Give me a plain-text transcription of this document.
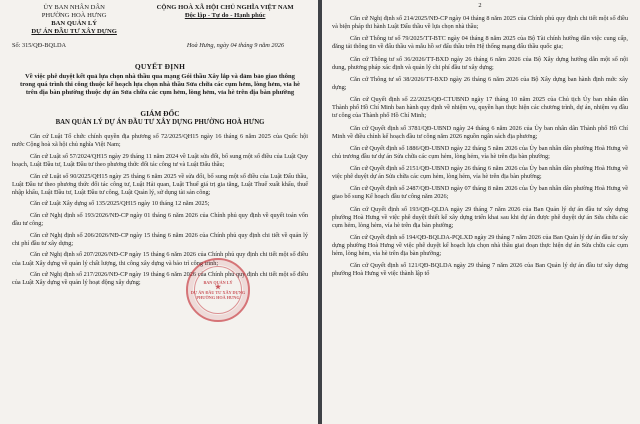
ỦY BAN NHÂN DÂN
PHƯỜNG HOÀ HƯNG
BAN QUẢN LÝ
DỰ ÁN ĐẦU TƯ XÂY DỰNG
CỘNG HOÀ XÃ HỘI CHỦ NGHĨA VIỆT NAM
Độc lập - Tự do - Hạnh phúc
Số: 315/QĐ-BQLDA	Hoà Hưng, ngày 04 tháng 9 năm 2026
QUYẾT ĐỊNH
Về việc phê duyệt kết quả lựa chọn nhà thầu qua mạng Gói thầu Xây lắp và đảm bảo giao thông trong quá trình thi công thuộc kế hoạch lựa chọn nhà thầu Sửa chữa các cụm hẻm, lòng hẻm, vỉa hè trên địa bàn phường thuộc dự án Sửa chữa các cụm hẻm, lòng hẻm, vỉa hè trên địa bàn phường
GIÁM ĐỐC
BAN QUẢN LÝ DỰ ÁN ĐẦU TƯ XÂY DỰNG PHƯỜNG HOÀ HƯNG

Căn cứ Luật Tổ chức chính quyền địa phương số 72/2025/QH15 ngày 16 tháng 6 năm 2025 của Quốc hội nước Cộng hoà xã hội chủ nghĩa Việt Nam;

Căn cứ Luật số 57/2024/QH15 ngày 29 tháng 11 năm 2024 về Luật sửa đổi, bổ sung một số điều của Luật Quy hoạch, Luật Đầu tư, Luật Đầu tư theo phương thức đối tác công tư và Luật Đấu thầu;

Căn cứ Luật số 90/2025/QH15 ngày 25 tháng 6 năm 2025 về sửa đổi, bổ sung một số điều của Luật Đấu thầu, Luật Đầu tư theo phương thức đối tác công tư, Luật Hải quan, Luật Thuế giá trị gia tăng, Luật Thuế xuất khẩu, thuế nhập khẩu, Luật Đầu tư, Luật Đầu tư công, Luật Quản lý, sử dụng tài sản công;

Căn cứ Luật Xây dựng số 135/2025/QH15 ngày 10 tháng 12 năm 2025;

Căn cứ Nghị định số 193/2026/NĐ-CP ngày 01 tháng 6 năm 2026 của Chính phủ quy định về quyết toán vốn đầu tư công;

Căn cứ Nghị định số 206/2026/NĐ-CP ngày 15 tháng 6 năm 2026 của Chính phủ quy định chi tiết về quản lý chi phí đầu tư xây dựng;

Căn cứ Nghị định số 207/2026/NĐ-CP ngày 15 tháng 6 năm 2026 của Chính phủ quy định chi tiết một số điều của Luật Xây dựng về quản lý chất lượng, thi công xây dựng và bảo trì công trình;

Căn cứ Nghị định số 217/2026/NĐ-CP ngày 19 tháng 6 năm 2026 của Chính phủ quy định chi tiết một số điều của Luật Xây dựng về quản lý hoạt động xây dựng;	BAN QUẢN LÝ
★
DỰ ÁN ĐẦU TƯ XÂY DỰNG
PHƯỜNG HOÀ HƯNG
2

Căn cứ Nghị định số 214/2025/NĐ-CP ngày 04 tháng 8 năm 2025 của Chính phủ quy định chi tiết một số điều và biện pháp thi hành Luật Đấu thầu về lựa chọn nhà thầu;

Căn cứ Thông tư số 79/2025/TT-BTC ngày 04 tháng 8 năm 2025 của Bộ Tài chính hướng dẫn việc cung cấp, đăng tải thông tin về đấu thầu và mẫu hồ sơ đấu thầu trên Hệ thống mạng đấu thầu quốc gia;

Căn cứ Thông tư số 36/2026/TT-BXD ngày 26 tháng 6 năm 2026 của Bộ Xây dựng hướng dẫn một số nội dung, phương pháp xác định và quản lý chi phí đầu tư xây dựng;

Căn cứ Thông tư số 38/2026/TT-BXD ngày 26 tháng 6 năm 2026 của Bộ Xây dựng ban hành định mức xây dựng;

Căn cứ Quyết định số 22/2025/QĐ-CTUBND ngày 17 tháng 10 năm 2025 của Chủ tịch Ủy ban nhân dân Thành phố Hồ Chí Minh ban hành quy định về nhiệm vụ, quyền hạn thực hiện các chương trình, dự án, nhiệm vụ đầu tư công của Thành phố Hồ Chí Minh;

Căn cứ Quyết định số 3781/QĐ-UBND ngày 24 tháng 6 năm 2026 của Ủy ban nhân dân Thành phố Hồ Chí Minh về điều chỉnh kế hoạch đầu tư công năm 2026 nguồn ngân sách địa phương;

Căn cứ Quyết định số 1886/QĐ-UBND ngày 22 tháng 5 năm 2026 của Ủy ban nhân dân phường Hoà Hưng về chủ trương đầu tư dự án Sửa chữa các cụm hẻm, lòng hẻm, vỉa hè trên địa bàn phường;

Căn cứ Quyết định số 2151/QĐ-UBND ngày 26 tháng 6 năm 2026 của Ủy ban nhân dân phường Hoà Hưng về việc phê duyệt dự án Sửa chữa các cụm hẻm, lòng hẻm, vỉa hè trên địa bàn phường;

Căn cứ Quyết định số 2487/QĐ-UBND ngày 07 tháng 8 năm 2026 của Ủy ban nhân dân phường Hoà Hưng về giao bổ sung Kế hoạch đầu tư công năm 2026;

Căn cứ Quyết định số 193/QĐ-QLDA ngày 29 tháng 7 năm 2026 của Ban Quản lý dự án đầu tư xây dựng phường Hoà Hưng về việc phê duyệt thiết kế xây dựng triển khai sau khi dự án được phê duyệt dự án Sửa chữa các cụm hẻm, lòng hẻm, vỉa hè trên địa bàn phường;

Căn cứ Quyết định số 194/QĐ-BQLDA-PQLXD ngày 29 tháng 7 năm 2026 của Ban Quản lý dự án đầu tư xây dựng phường Hoà Hưng về việc phê duyệt kế hoạch lựa chọn nhà thầu giai đoạn thực hiện dự án Sửa chữa các cụm hẻm, lòng hẻm, vỉa hè trên địa bàn phường;

Căn cứ Quyết định số 121/QĐ-BQLDA ngày 29 tháng 7 năm 2026 của Ban Quản lý dự án đầu tư xây dựng phường Hoà Hưng về việc thành lập tổ
